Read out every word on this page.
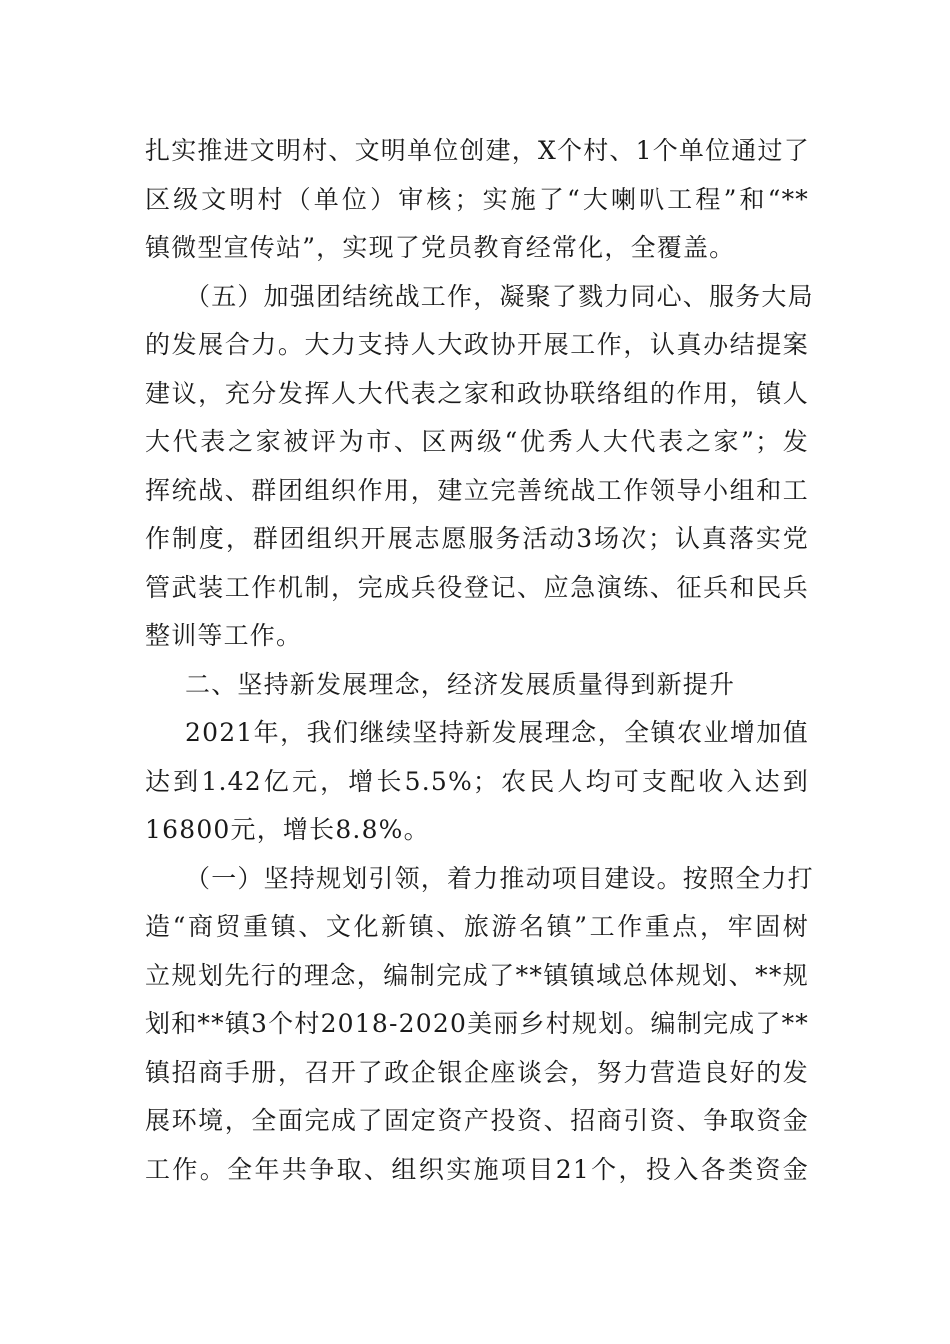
扎实推进文明村、文明单位创建，X个村、1个单位通过了
区级文明村（单位）审核；实施了“大喇叭工程”和“**
镇微型宣传站”，实现了党员教育经常化，全覆盖。
（五）加强团结统战工作，凝聚了戮力同心、服务大局
的发展合力。大力支持人大政协开展工作，认真办结提案
建议，充分发挥人大代表之家和政协联络组的作用，镇人
大代表之家被评为市、区两级“优秀人大代表之家”；发
挥统战、群团组织作用，建立完善统战工作领导小组和工
作制度，群团组织开展志愿服务活动3场次；认真落实党
管武装工作机制，完成兵役登记、应急演练、征兵和民兵
整训等工作。
二、坚持新发展理念，经济发展质量得到新提升
2021年，我们继续坚持新发展理念，全镇农业增加值
达到1.42亿元，增长5.5%；农民人均可支配收入达到
16800元，增长8.8%。
（一）坚持规划引领，着力推动项目建设。按照全力打
造“商贸重镇、文化新镇、旅游名镇”工作重点，牢固树
立规划先行的理念，编制完成了**镇镇域总体规划、**规
划和**镇3个村2018-2020美丽乡村规划。编制完成了**
镇招商手册，召开了政企银企座谈会，努力营造良好的发
展环境，全面完成了固定资产投资、招商引资、争取资金
工作。全年共争取、组织实施项目21个，投入各类资金
